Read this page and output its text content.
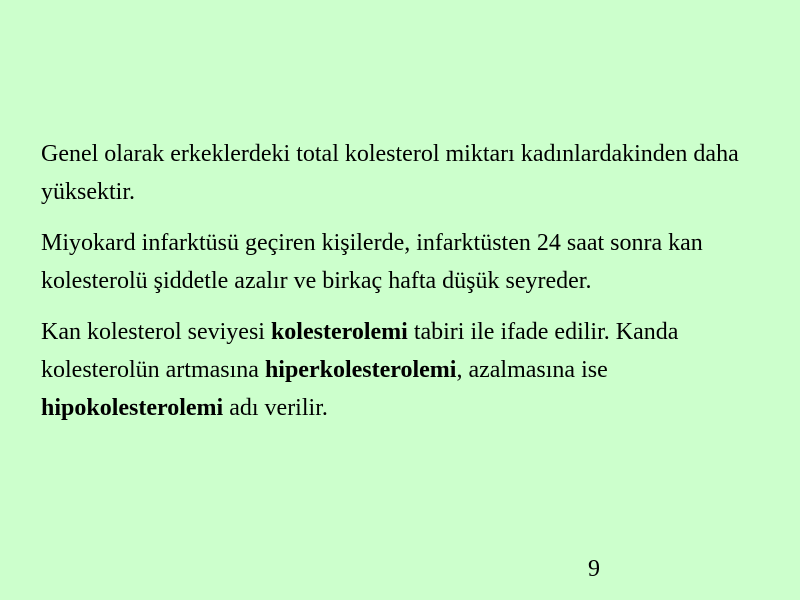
Genel olarak erkeklerdeki total kolesterol miktarı kadınlardakinden daha yüksektir.

Miyokard infarktüsü geçiren kişilerde, infarktüsten 24 saat sonra kan kolesterolü şiddetle azalır ve birkaç hafta düşük seyreder.

Kan kolesterol seviyesi kolesterolemi tabiri ile ifade edilir. Kanda kolesterolün artmasına hiperkolesterolemi, azalmasına ise hipokolesterolemi adı verilir.

9
